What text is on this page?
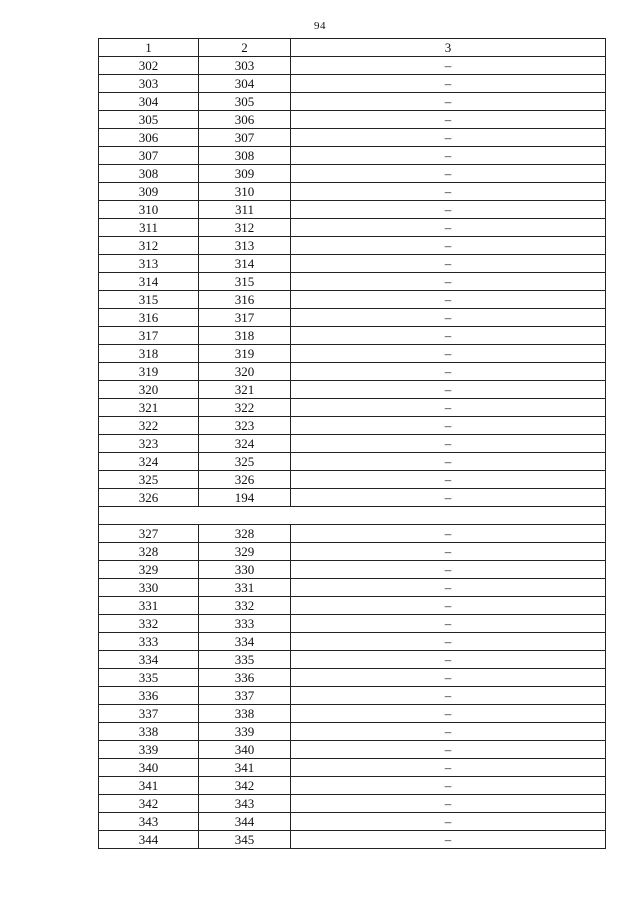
94
1	2	3
302	303	–
303	304	–
304	305	–
305	306	–
306	307	–
307	308	–
308	309	–
309	310	–
310	311	–
311	312	–
312	313	–
313	314	–
314	315	–
315	316	–
316	317	–
317	318	–
318	319	–
319	320	–
320	321	–
321	322	–
322	323	–
323	324	–
324	325	–
325	326	–
326	194	–

327	328	–
328	329	–
329	330	–
330	331	–
331	332	–
332	333	–
333	334	–
334	335	–
335	336	–
336	337	–
337	338	–
338	339	–
339	340	–
340	341	–
341	342	–
342	343	–
343	344	–
344	345	–
